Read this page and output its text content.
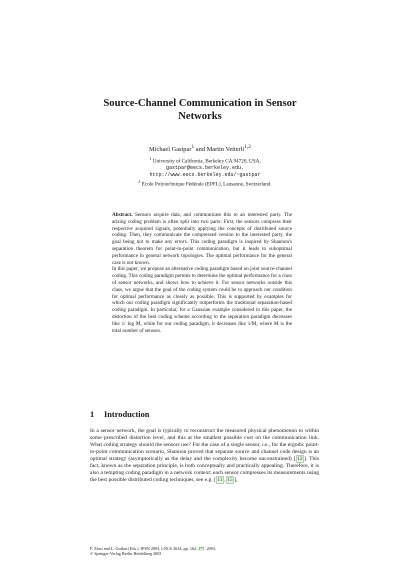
Source-Channel Communication in Sensor
Networks
Michael Gastpar$^1$ and Martin Vetterli$^{1,2}$
$^1$ University of California, Berkeley CA 94720, USA,
gastpar@eecs.berkeley.edu,
http://www.eecs.berkeley.edu/~gastpar
$^2$ École Polytechnique Fédérale (EPFL), Lausanne, Switzerland.

Abstract. Sensors acquire data, and communicate this to an interested party. The arising coding problem is often split into two parts: First, the sensors compress their respective acquired signals, potentially applying the concepts of distributed source coding. Then, they communicate the compressed version to the interested party, the goal being not to make any errors. This coding paradigm is inspired by Shannon's separation theorem for point-to-point communication, but it leads to suboptimal performance in general network topologies. The optimal performance for the general case is not known.

In this paper, we propose an alternative coding paradigm based on joint source-channel coding. This coding paradigm permits to determine the optimal performance for a class of sensor networks, and shows how to achieve it. For sensor networks outside this class, we argue that the goal of the coding system could be to approach our condition for optimal performance as closely as possible. This is supported by examples for which our coding paradigm significantly outperforms the traditional separation-based coding paradigm. In particular, for a Gaussian example considered in this paper, the distortion of the best coding scheme according to the separation paradigm decreases like 1/ log M, while for our coding paradigm, it decreases like 1/M, where M is the total number of sensors.

1 Introduction

In a sensor network, the goal is typically to reconstruct the measured physical phenomenon to within some prescribed distortion level, and this at the smallest possible cost on the communication link. What coding strategy should the sensors use? For the case of a single sensor, i.e., for the ergodic point-to-point communication scenario, Shannon proved that separate source and channel code design is an optimal strategy (asymptotically as the delay and the complexity become unconstrained) [ 12 ]. This fact, known as the separation principle, is both conceptually and practically appealing. Therefore, it is also a tempting coding paradigm in a network context: each sensor compresses its measurements using the best possible distributed coding techniques, see e.g. [ 11 , 15 ],

F. Zhao and L. Guibas (Eds.): IPSN 2003, LNCS 2634, pp. 162–177, 2003.
© Springer-Verlag Berlin Heidelberg 2003
